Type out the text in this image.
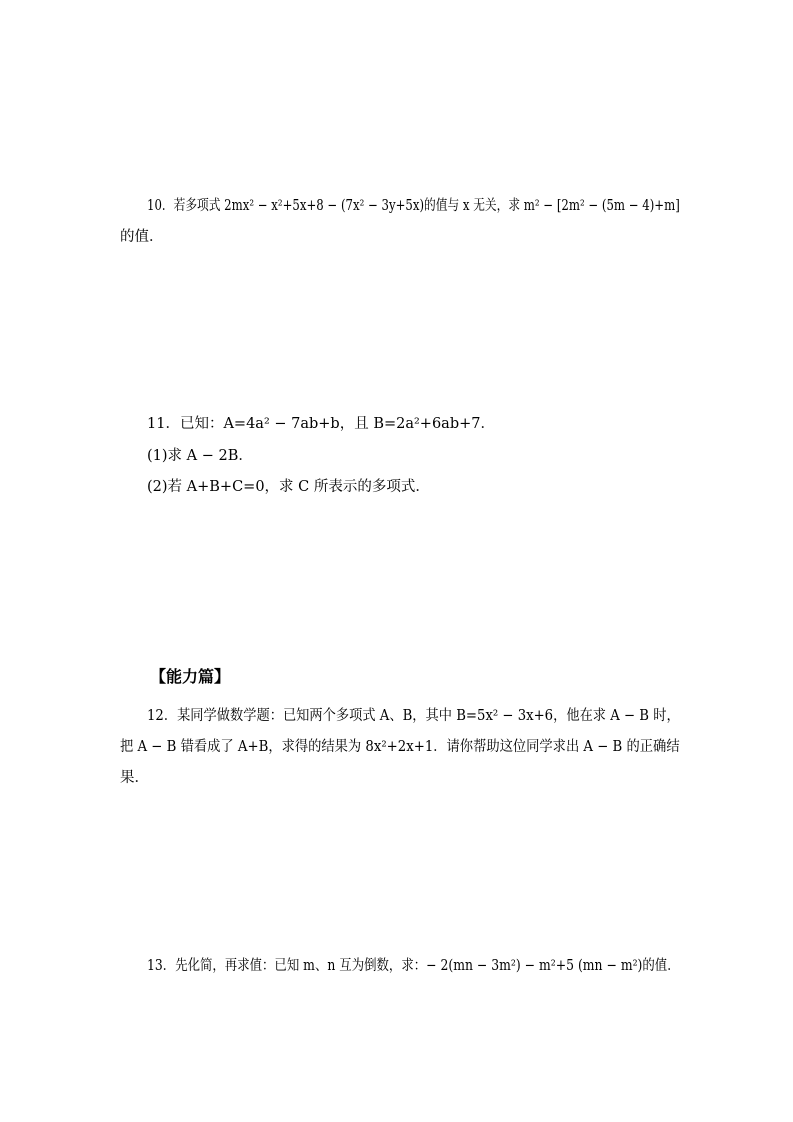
10．若多项式 2mx² − x²+5x+8 − (7x² − 3y+5x)的值与 x 无关，求 m² − [2m² − (5m − 4)+m]
的值．
11．已知：A=4a² − 7ab+b，且 B=2a²+6ab+7．
(1)求 A − 2B．
(2)若 A+B+C=0，求 C 所表示的多项式．
【能力篇】
12．某同学做数学题：已知两个多项式 A、B，其中 B=5x² − 3x+6，他在求 A − B 时，
把 A − B 错看成了 A+B，求得的结果为 8x²+2x+1．请你帮助这位同学求出 A − B 的正确结
果．
13．先化简，再求值：已知 m、n 互为倒数，求：− 2(mn − 3m²) − m²+5 (mn − m²)的值．
